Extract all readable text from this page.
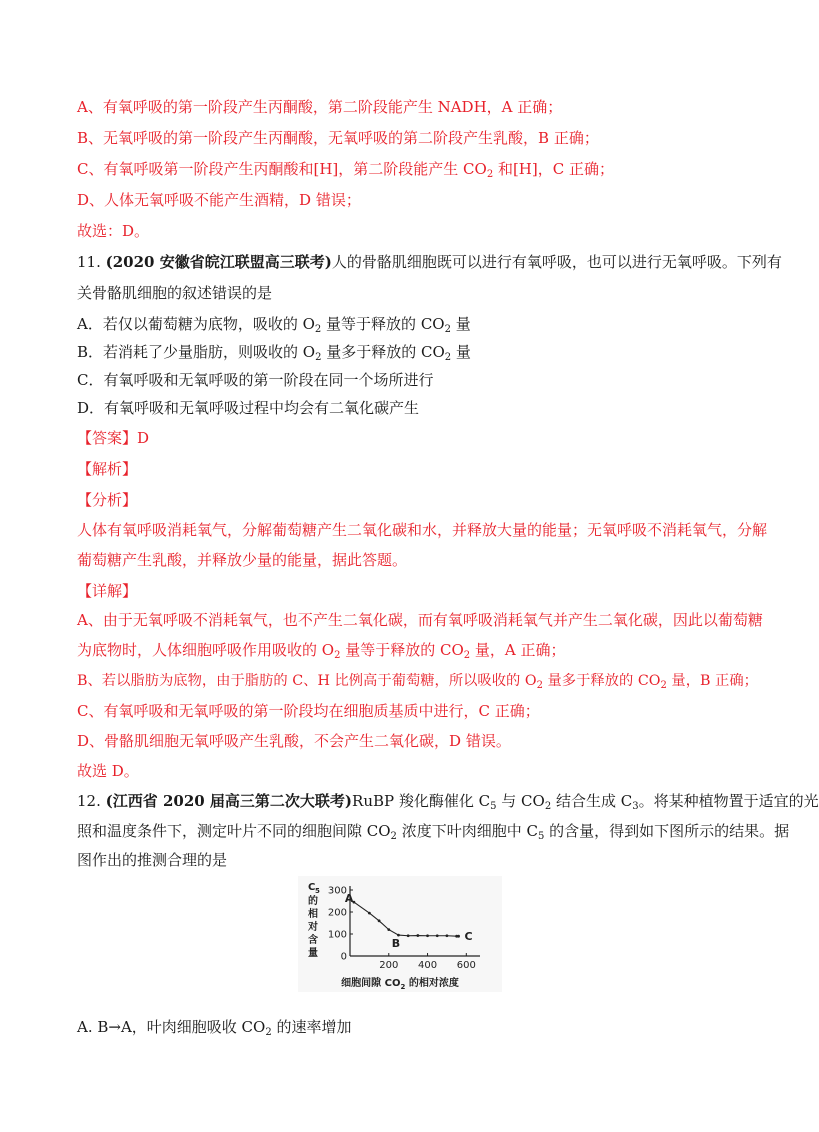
A、有氧呼吸的第一阶段产生丙酮酸，第二阶段能产生 NADH，A 正确；
B、无氧呼吸的第一阶段产生丙酮酸，无氧呼吸的第二阶段产生乳酸，B 正确；
C、有氧呼吸第一阶段产生丙酮酸和[H]，第二阶段能产生 $CO_2$ 和[H]，C 正确；
D、人体无氧呼吸不能产生酒精，D 错误；
故选：D。
11. (2020 安徽省皖江联盟高三联考)人的骨骼肌细胞既可以进行有氧呼吸，也可以进行无氧呼吸。下列有
关骨骼肌细胞的叙述错误的是
A．若仅以葡萄糖为底物，吸收的 $O_2$ 量等于释放的 $CO_2$ 量
B．若消耗了少量脂肪，则吸收的 $O_2$ 量多于释放的 $CO_2$ 量
C．有氧呼吸和无氧呼吸的第一阶段在同一个场所进行
D．有氧呼吸和无氧呼吸过程中均会有二氧化碳产生
【答案】D
【解析】
【分析】
人体有氧呼吸消耗氧气，分解葡萄糖产生二氧化碳和水，并释放大量的能量；无氧呼吸不消耗氧气，分解
葡萄糖产生乳酸，并释放少量的能量，据此答题。
【详解】
A、由于无氧呼吸不消耗氧气，也不产生二氧化碳，而有氧呼吸消耗氧气并产生二氧化碳，因此以葡萄糖
为底物时，人体细胞呼吸作用吸收的 $O_2$ 量等于释放的 $CO_2$ 量，A 正确；
B、若以脂肪为底物，由于脂肪的 C、H 比例高于葡萄糖，所以吸收的 $O_2$ 量多于释放的 $CO_2$ 量，B 正确；
C、有氧呼吸和无氧呼吸的第一阶段均在细胞质基质中进行，C 正确；
D、骨骼肌细胞无氧呼吸产生乳酸，不会产生二氧化碳，D 错误。
故选 D。
12. (江西省 2020 届高三第二次大联考)RuBP 羧化酶催化 $C_5$ 与 $CO_2$ 结合生成 $C_3$。将某种植物置于适宜的光
照和温度条件下，测定叶片不同的细胞间隙 $CO_2$ 浓度下叶肉细胞中 $C_5$ 的含量，得到如下图所示的结果。据
图作出的推测合理的是
C 5
的
相
对
含
量
300
200
100
0
200 400 600
A
B
C
细胞间隙 $CO_2$ 的相对浓度
A. B→A，叶肉细胞吸收 $CO_2$ 的速率增加
